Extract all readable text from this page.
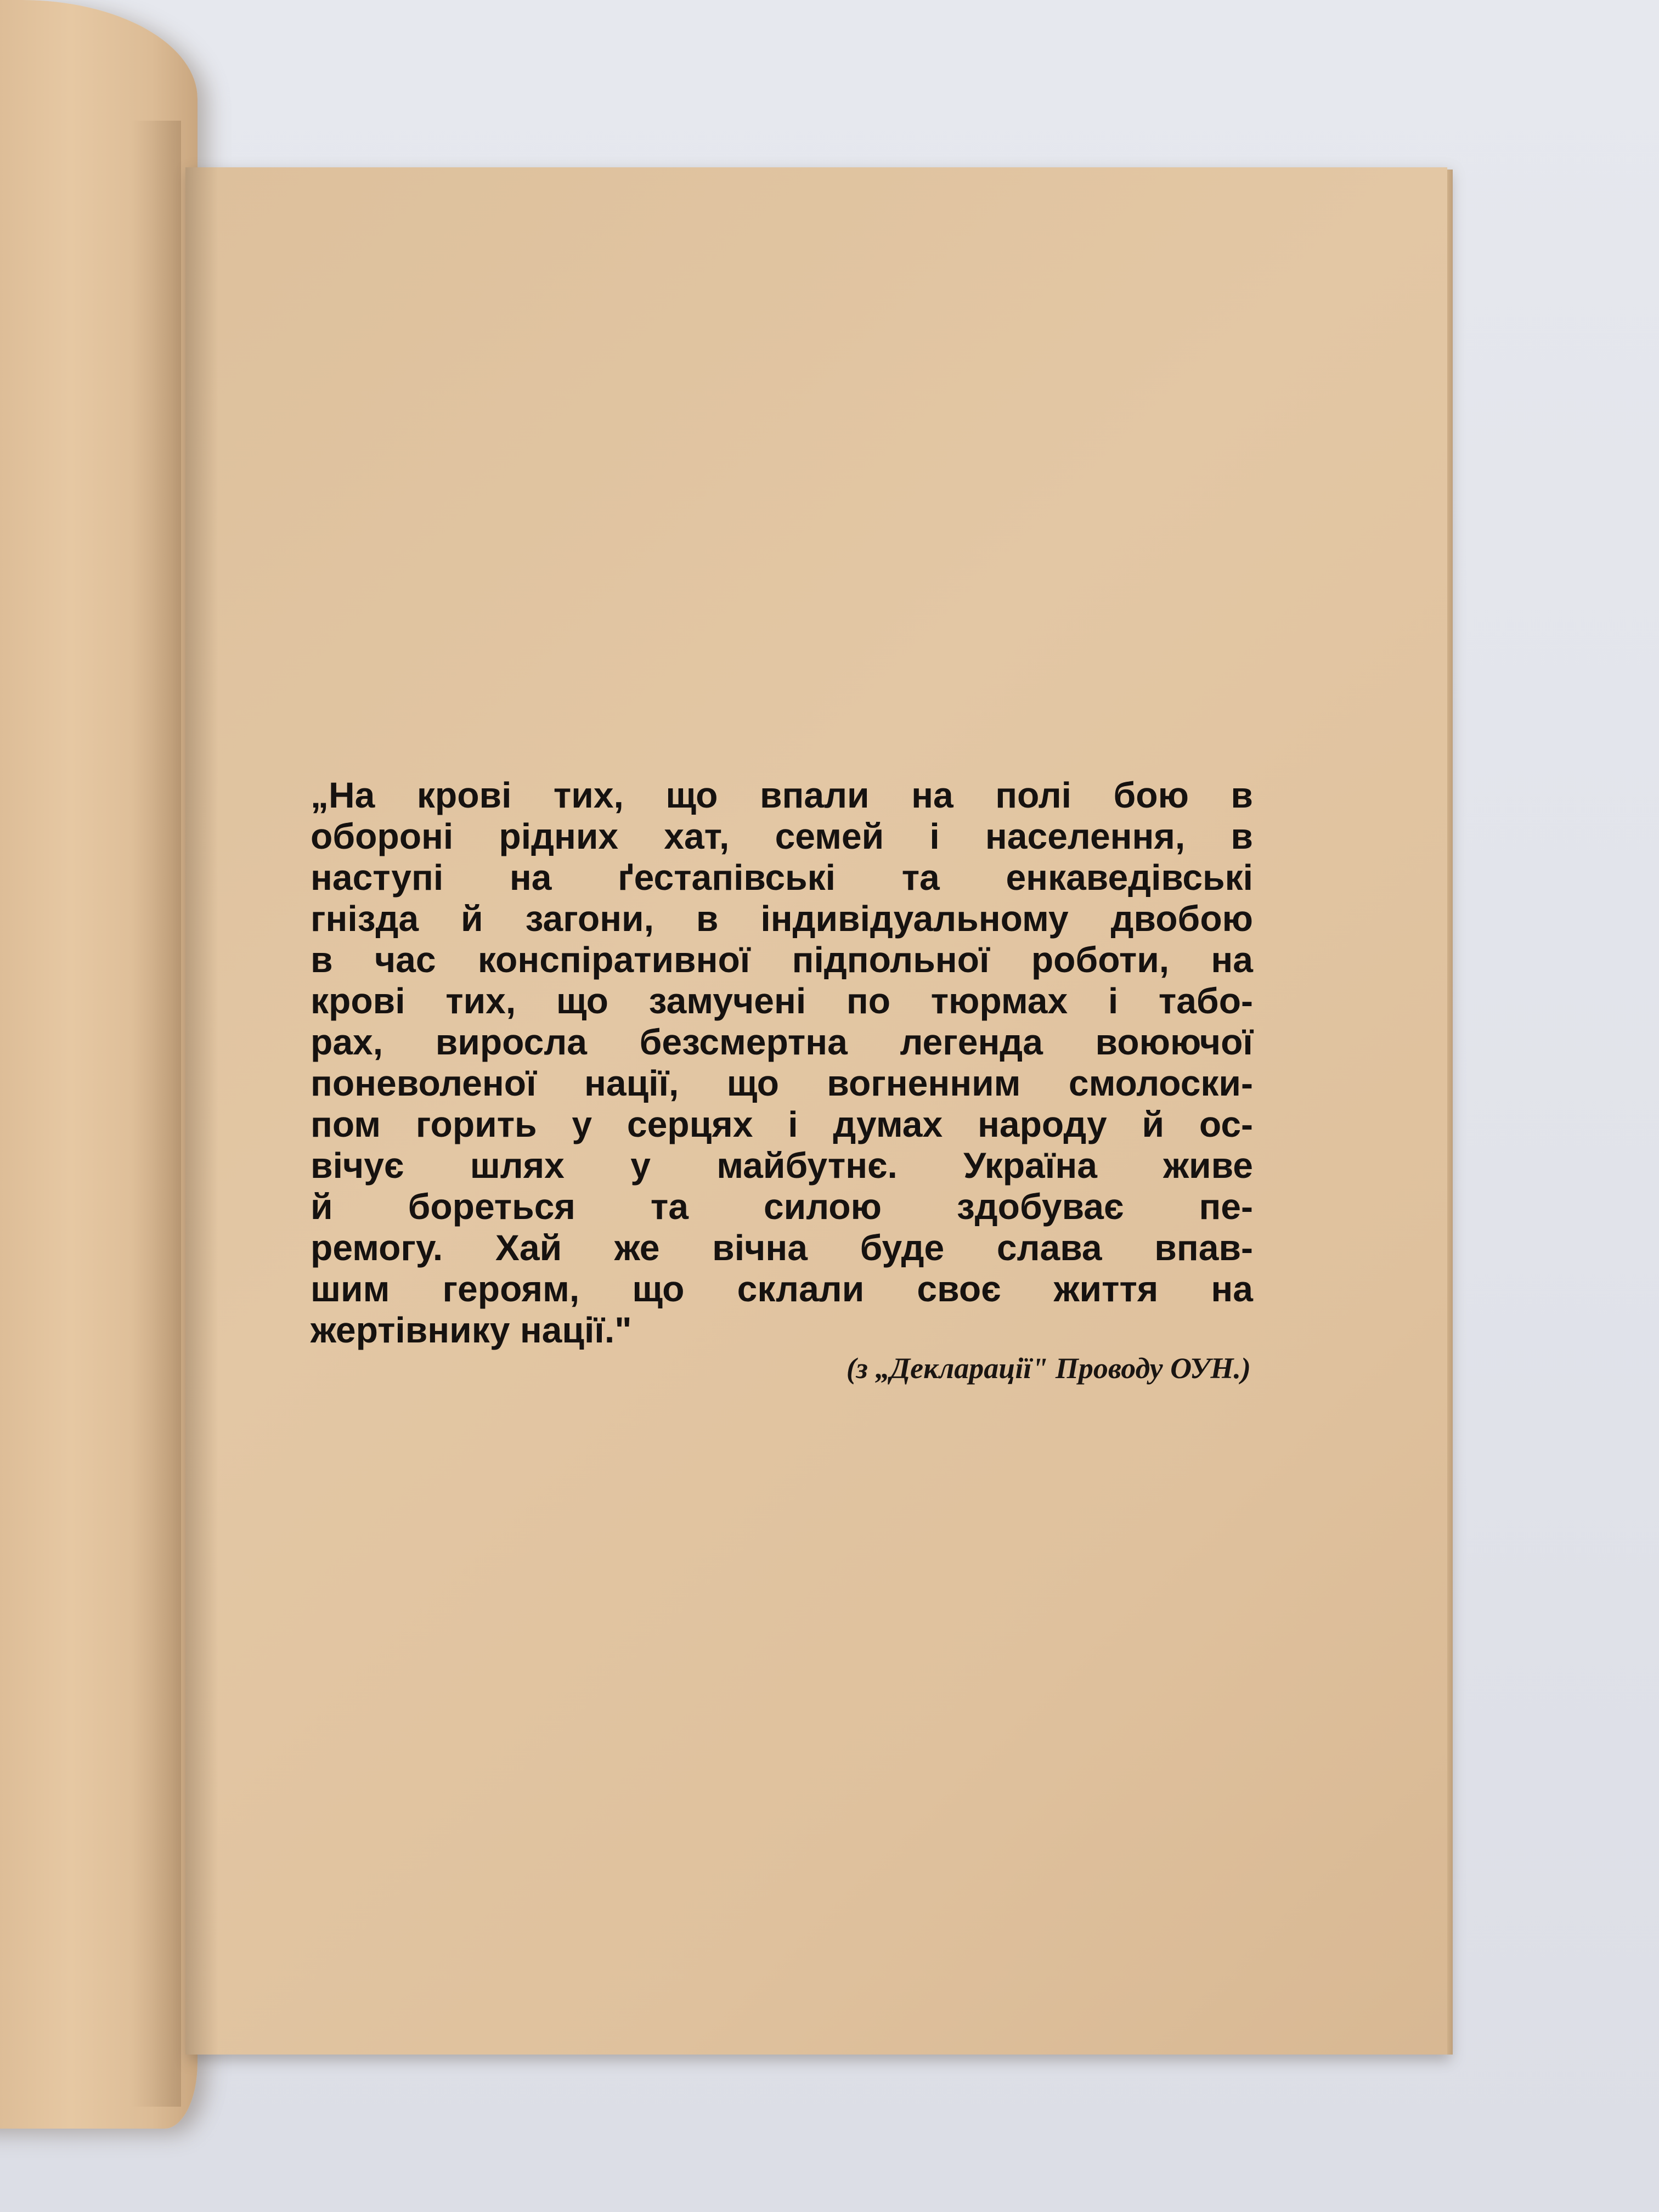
„На крові тих, що впали на полі бою в
обороні рідних хат, семей і населення, в
наступі на ґестапівські та енкаведівські
гнізда й загони, в індивідуальному двобою
в час конспіративної підпольної роботи, на
крові тих, що замучені по тюрмах і табо-
рах, виросла безсмертна легенда воюючої
поневоленої нації, що вогненним смолоски-
пом горить у серцях і думах народу й ос-
вічує шлях у майбутнє. Україна живе
й бореться та силою здобуває пе-
ремогу. Хай же вічна буде слава впав-
шим героям, що склали своє життя на
жертівнику нації."
(з „Декларації" Проводу ОУН.)
